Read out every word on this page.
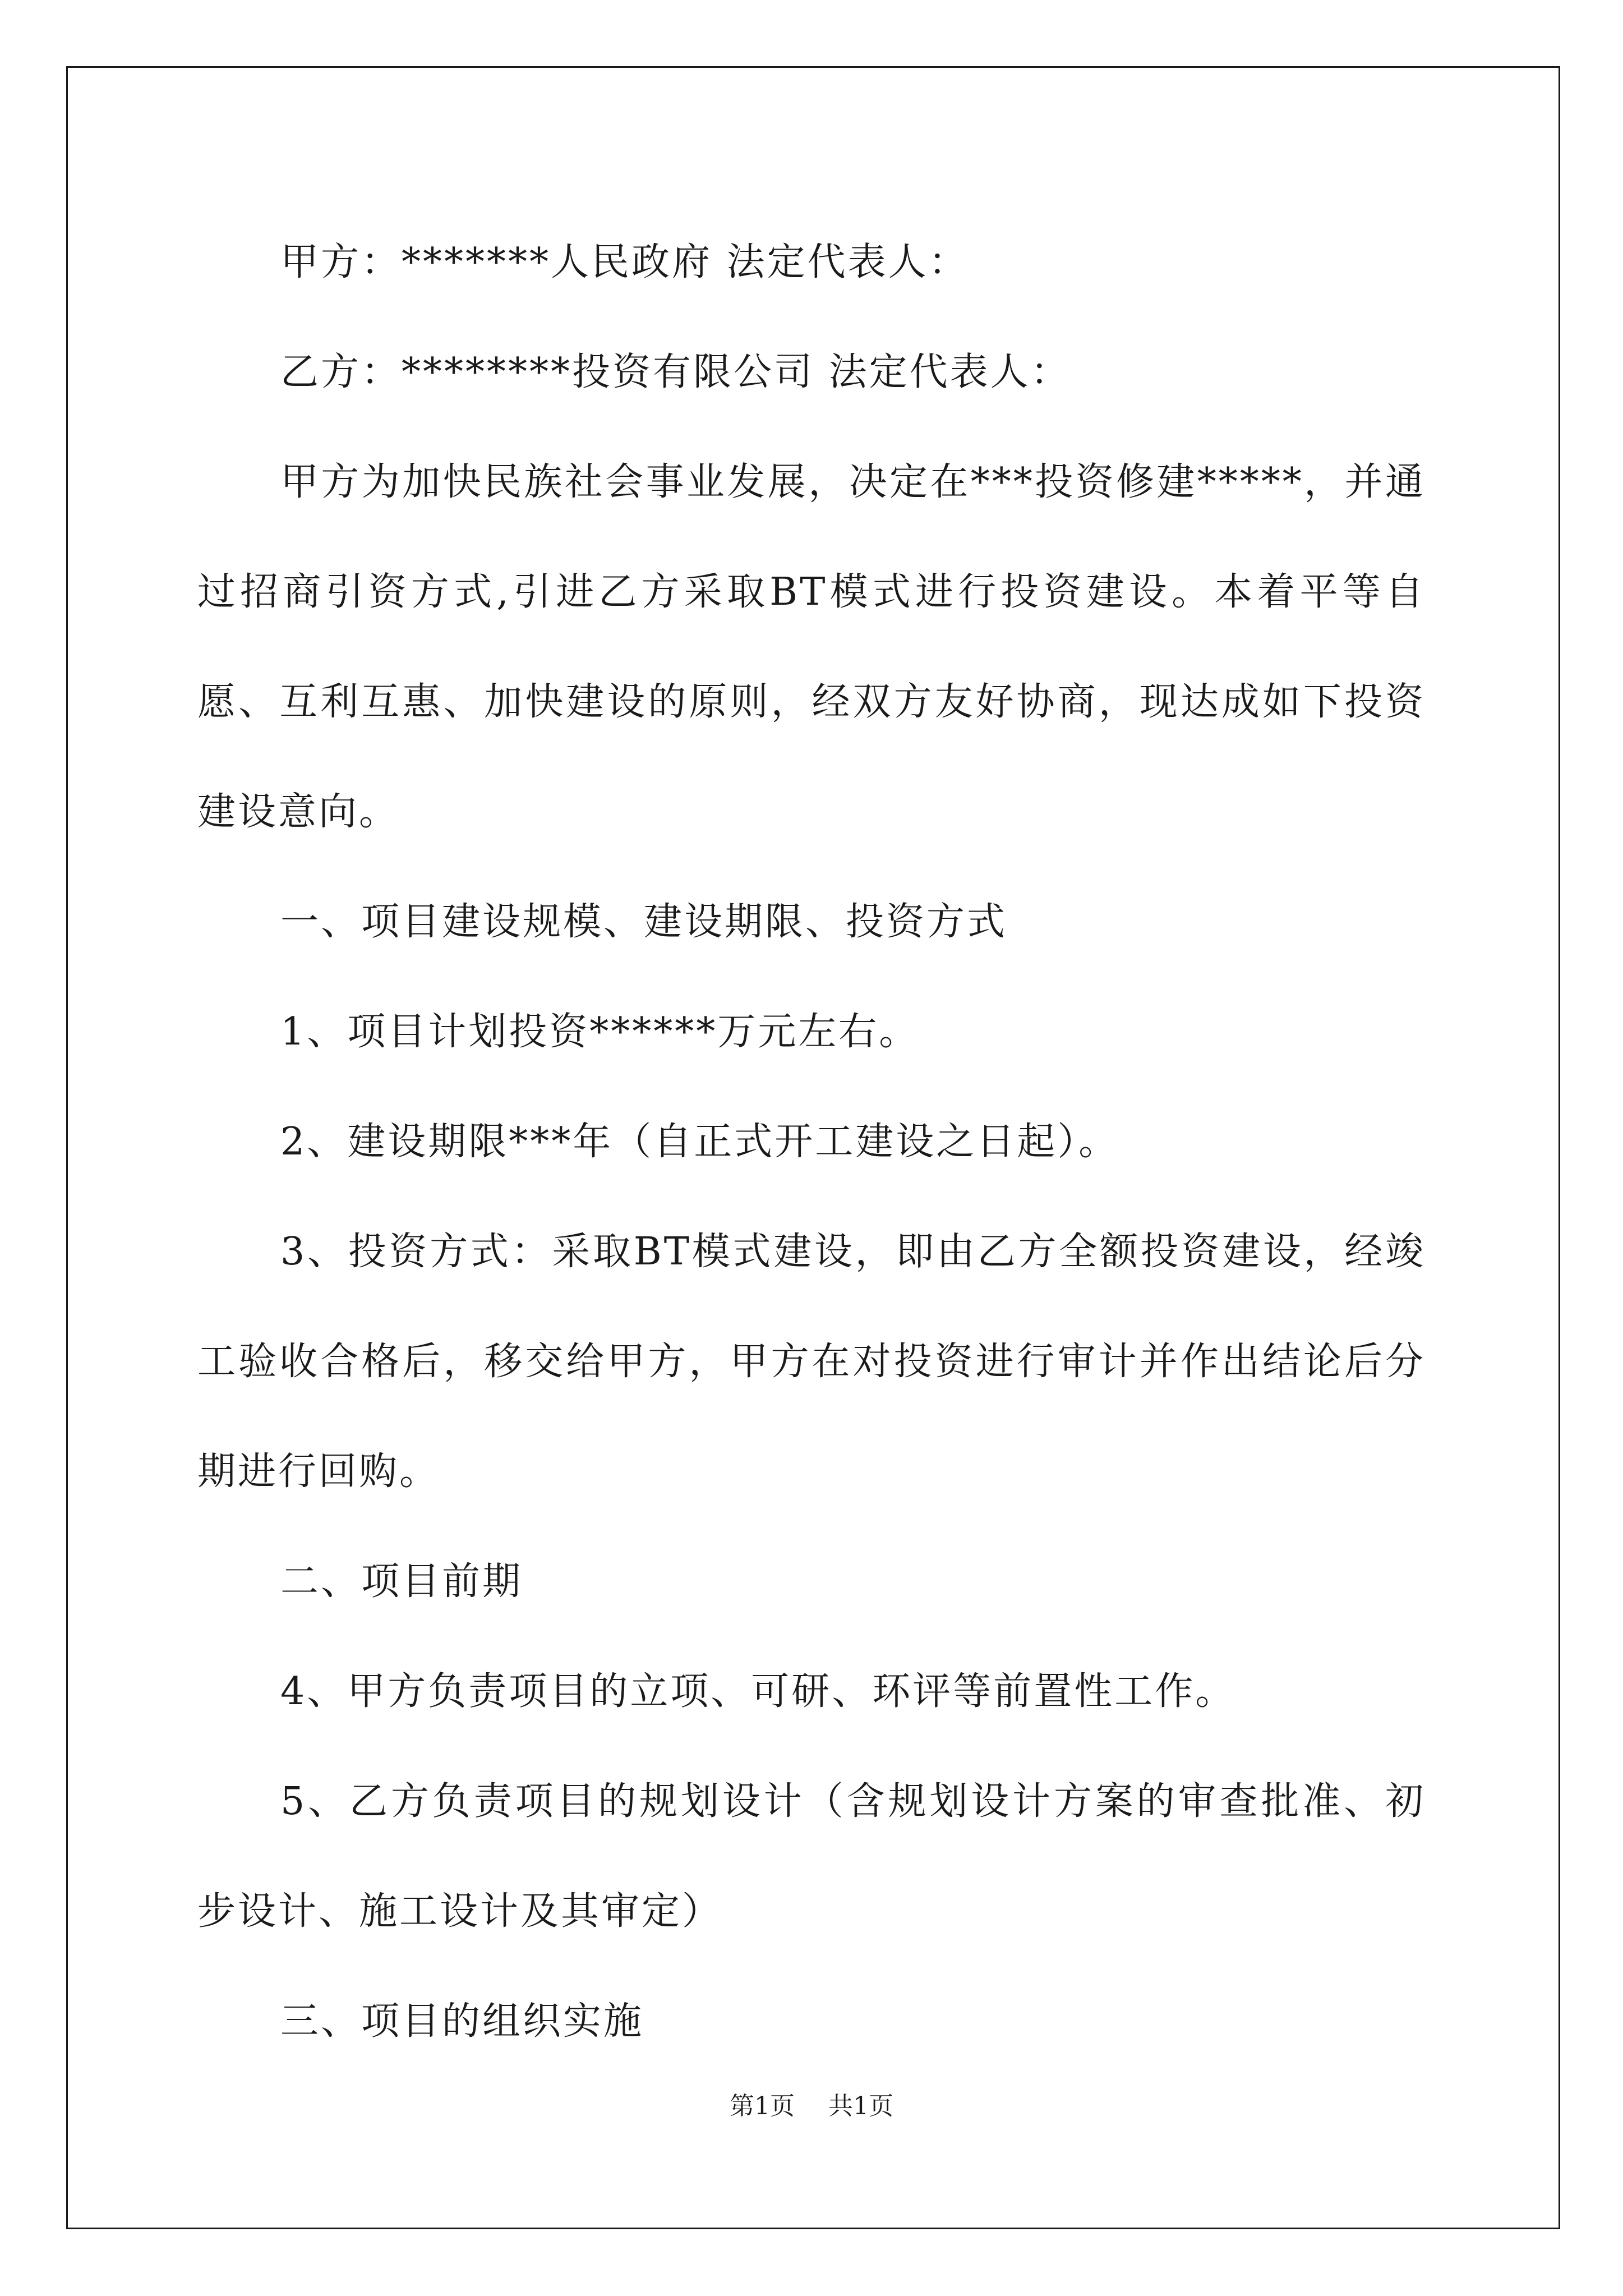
甲方：*******人民政府 法定代表人：

乙方：********投资有限公司 法定代表人：

甲方为加快民族社会事业发展，决定在***投资修建*****，并通过招商引资方式,引进乙方采取BT模式进行投资建设。本着平等自愿、互利互惠、加快建设的原则，经双方友好协商，现达成如下投资建设意向。

一、项目建设规模、建设期限、投资方式

1、项目计划投资******万元左右。

2、建设期限***年（自正式开工建设之日起）。

3、投资方式：采取BT模式建设，即由乙方全额投资建设，经竣工验收合格后，移交给甲方，甲方在对投资进行审计并作出结论后分期进行回购。

二、项目前期

4、甲方负责项目的立项、可研、环评等前置性工作。

5、乙方负责项目的规划设计（含规划设计方案的审查批准、初步设计、施工设计及其审定）

三、项目的组织实施

第1页 共1页
